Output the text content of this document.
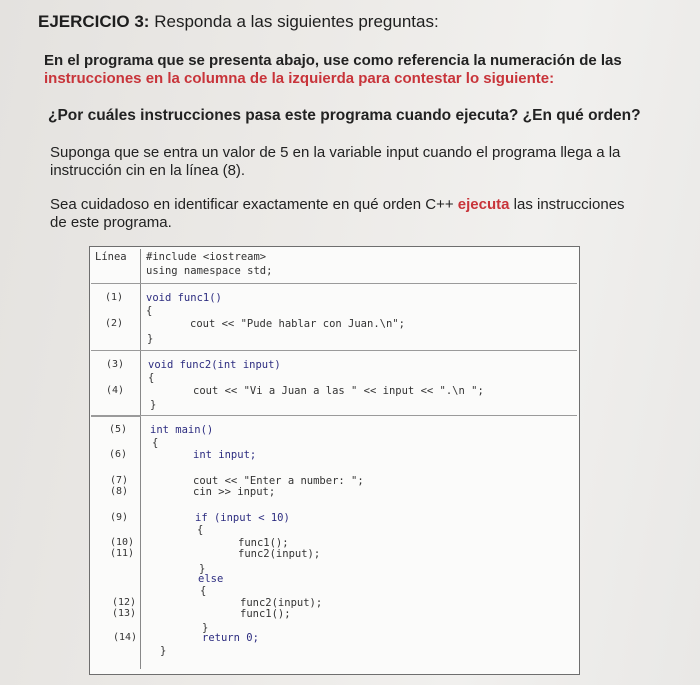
EJERCICIO 3: Responda a las siguientes preguntas:
En el programa que se presenta abajo, use como referencia la numeración de las
instrucciones en la columna de la izquierda para contestar lo siguiente:
¿Por cuáles instrucciones pasa este programa cuando ejecuta? ¿En qué orden?
Suponga que se entra un valor de 5 en la variable input cuando el programa llega a la
instrucción cin en la línea (8).
Sea cuidadoso en identificar exactamente en qué orden C++ ejecuta las instrucciones
de este programa.
Línea #include <iostream>
using namespace std;
(1)
(2)
(3)
(4)
(5)
(6)
(7)
(8)
(9)
(10)
(11)
(12)
(13)
(14)
void func1()
{
cout << "Pude hablar con Juan.\n";
}
void func2(int input)
{
cout << "Vi a Juan a las " << input << ".\n ";
}
int main()
{
int input;
cout << "Enter a number: ";
cin >> input;
if (input < 10)
{
func1();
func2(input);
}
else
{
func2(input);
func1();
}
return 0;
}
